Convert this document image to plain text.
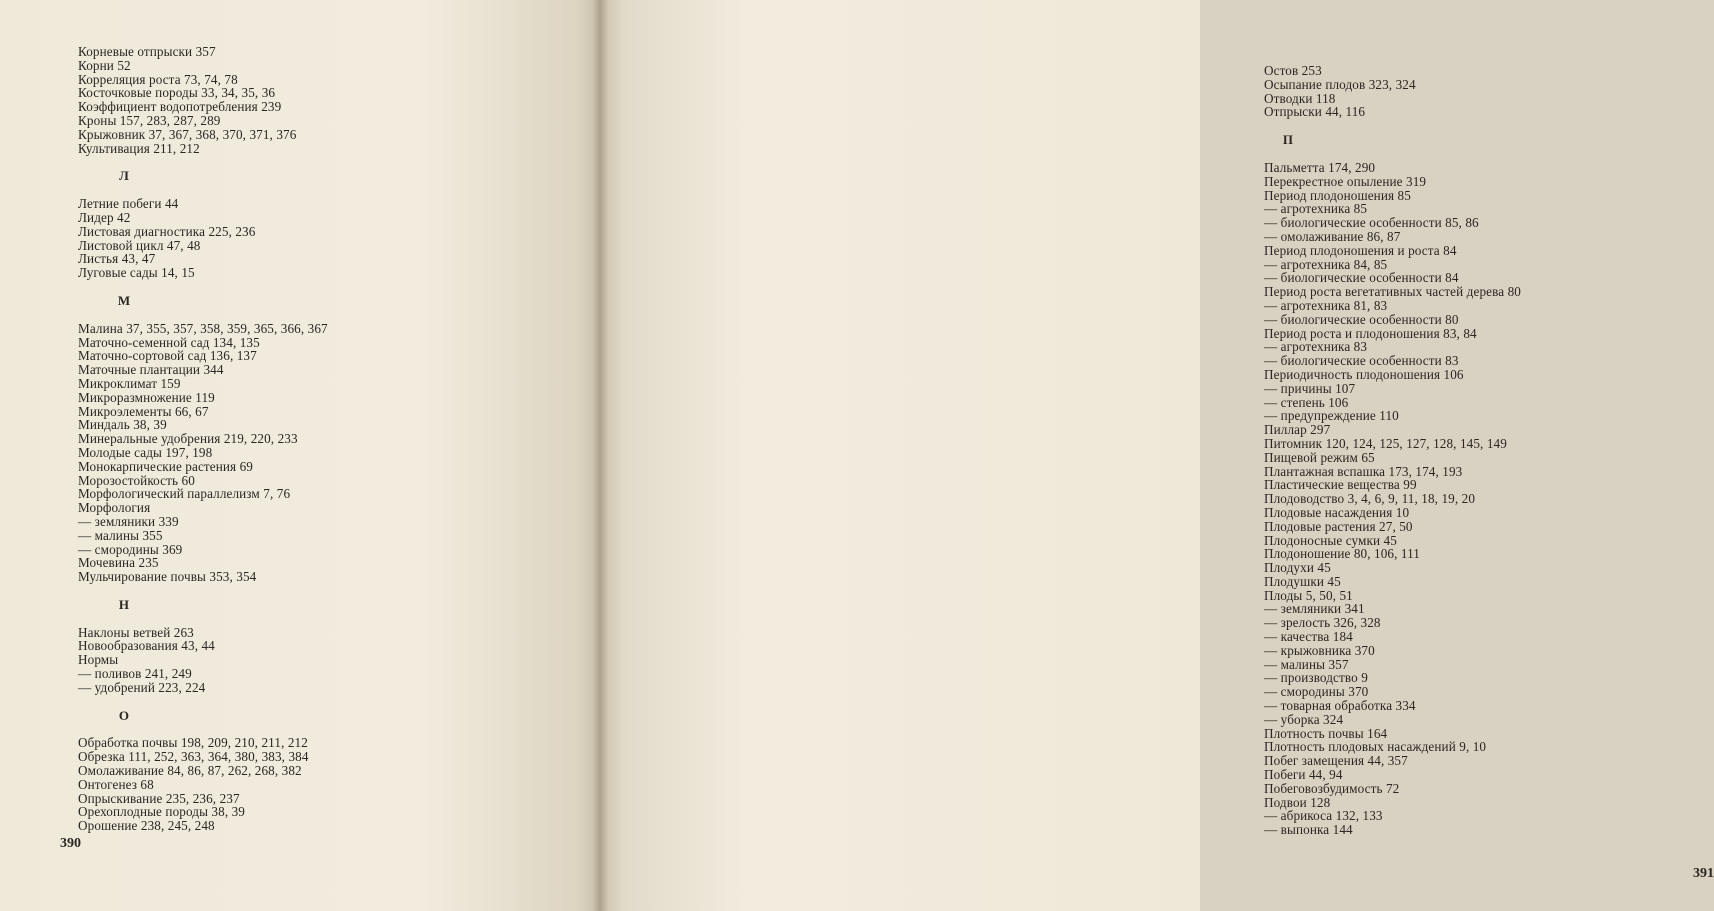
Корневые отпрыски 357
Корни 52
Корреляция роста 73, 74, 78
Косточковые породы 33, 34, 35, 36
Коэффициент водопотребления 239
Кроны 157, 283, 287, 289
Крыжовник 37, 367, 368, 370, 371, 376
Культивация 211, 212
Л
Летние побеги 44
Лидер 42
Листовая диагностика 225, 236
Листовой цикл 47, 48
Листья 43, 47
Луговые сады 14, 15
М
Малина 37, 355, 357, 358, 359, 365, 366, 367
Маточно-семенной сад 134, 135
Маточно-сортовой сад 136, 137
Маточные плантации 344
Микроклимат 159
Микроразмножение 119
Микроэлементы 66, 67
Миндаль 38, 39
Минеральные удобрения 219, 220, 233
Молодые сады 197, 198
Монокарпические растения 69
Морозостойкость 60
Морфологический параллелизм 7, 76
Морфология
— земляники 339
— малины 355
— смородины 369
Мочевина 235
Мульчирование почвы 353, 354
Н
Наклоны ветвей 263
Новообразования 43, 44
Нормы
— поливов 241, 249
— удобрений 223, 224
О
Обработка почвы 198, 209, 210, 211, 212
Обрезка 111, 252, 363, 364, 380, 383, 384
Омолаживание 84, 86, 87, 262, 268, 382
Онтогенез 68
Опрыскивание 235, 236, 237
Орехоплодные породы 38, 39
Орошение 238, 245, 248
390
Остов 253
Осыпание плодов 323, 324
Отводки 118
Отпрыски 44, 116
П
Пальметта 174, 290
Перекрестное опыление 319
Период плодоношения 85
— агротехника 85
— биологические особенности 85, 86
— омолаживание 86, 87
Период плодоношения и роста 84
— агротехника 84, 85
— биологические особенности 84
Период роста вегетативных частей дерева 80
— агротехника 81, 83
— биологические особенности 80
Период роста и плодоношения 83, 84
— агротехника 83
— биологические особенности 83
Периодичность плодоношения 106
— причины 107
— степень 106
— предупреждение 110
Пиллар 297
Питомник 120, 124, 125, 127, 128, 145, 149
Пищевой режим 65
Плантажная вспашка 173, 174, 193
Пластические вещества 99
Плодоводство 3, 4, 6, 9, 11, 18, 19, 20
Плодовые насаждения 10
Плодовые растения 27, 50
Плодоносные сумки 45
Плодоношение 80, 106, 111
Плодухи 45
Плодушки 45
Плоды 5, 50, 51
— земляники 341
— зрелость 326, 328
— качества 184
— крыжовника 370
— малины 357
— производство 9
— смородины 370
— товарная обработка 334
— уборка 324
Плотность почвы 164
Плотность плодовых насаждений 9, 10
Побег замещения 44, 357
Побеги 44, 94
Побеговозбудимость 72
Подвои 128
— абрикоса 132, 133
— выпонка 144
391
